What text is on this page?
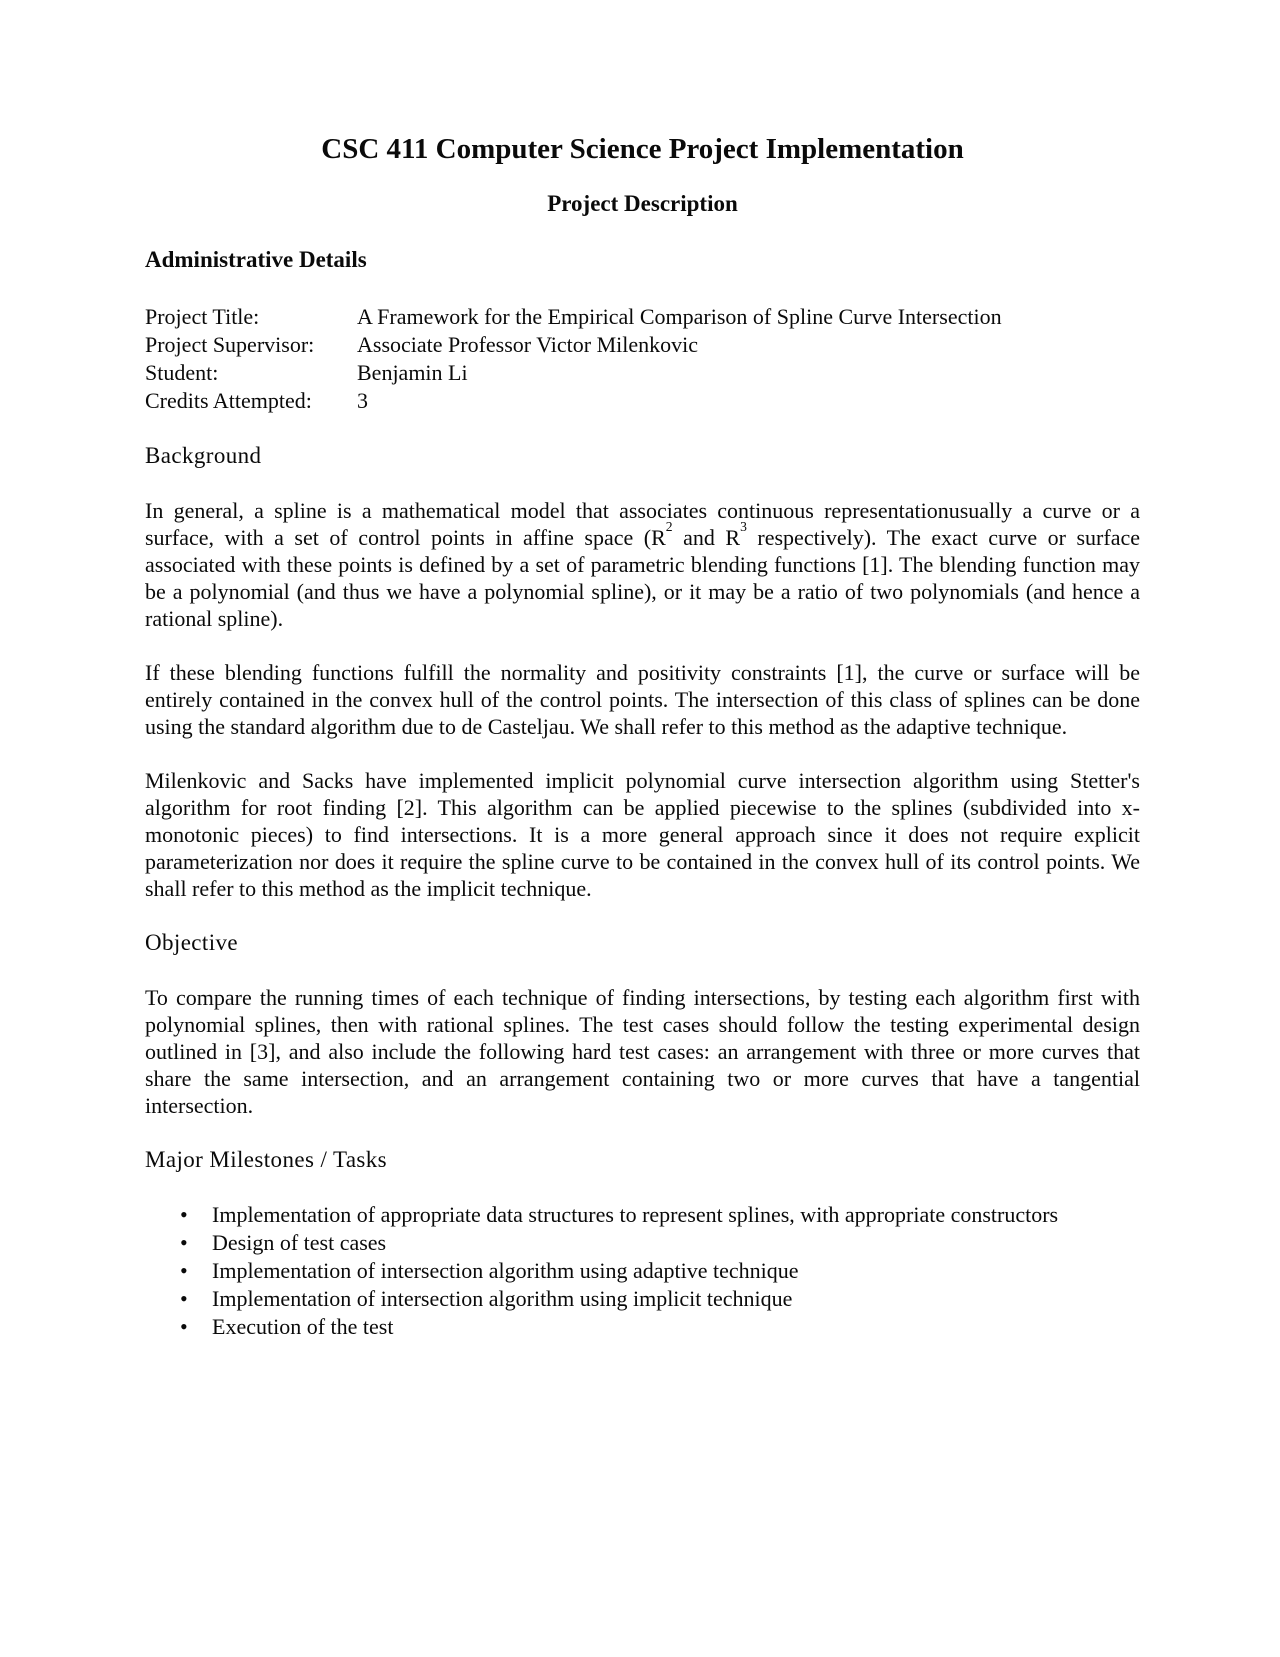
CSC 411 Computer Science Project Implementation
Project Description
Administrative Details
Project Title:	A Framework for the Empirical Comparison of Spline Curve Intersection
Project Supervisor:	Associate Professor Victor Milenkovic
Student:	Benjamin Li
Credits Attempted:	3
Background

In general, a spline is a mathematical model that associates continuous representationusually a curve or a surface, with a set of control points in affine space ($R^2$ and $R^3$ respectively). The exact curve or surface associated with these points is defined by a set of parametric blending functions [1]. The blending function may be a polynomial (and thus we have a polynomial spline), or it may be a ratio of two polynomials (and hence a rational spline).

If these blending functions fulfill the normality and positivity constraints [1], the curve or surface will be entirely contained in the convex hull of the control points. The intersection of this class of splines can be done using the standard algorithm due to de Casteljau. We shall refer to this method as the adaptive technique.

Milenkovic and Sacks have implemented implicit polynomial curve intersection algorithm using Stetter's algorithm for root finding [2]. This algorithm can be applied piecewise to the splines (subdivided into x-monotonic pieces) to find intersections. It is a more general approach since it does not require explicit parameterization nor does it require the spline curve to be contained in the convex hull of its control points. We shall refer to this method as the implicit technique.

Objective

To compare the running times of each technique of finding intersections, by testing each algorithm first with polynomial splines, then with rational splines. The test cases should follow the testing experimental design outlined in [3], and also include the following hard test cases: an arrangement with three or more curves that share the same intersection, and an arrangement containing two or more curves that have a tangential intersection.

Major Milestones / Tasks
• Implementation of appropriate data structures to represent splines, with appropriate constructors
• Design of test cases
• Implementation of intersection algorithm using adaptive technique
• Implementation of intersection algorithm using implicit technique
• Execution of the test
